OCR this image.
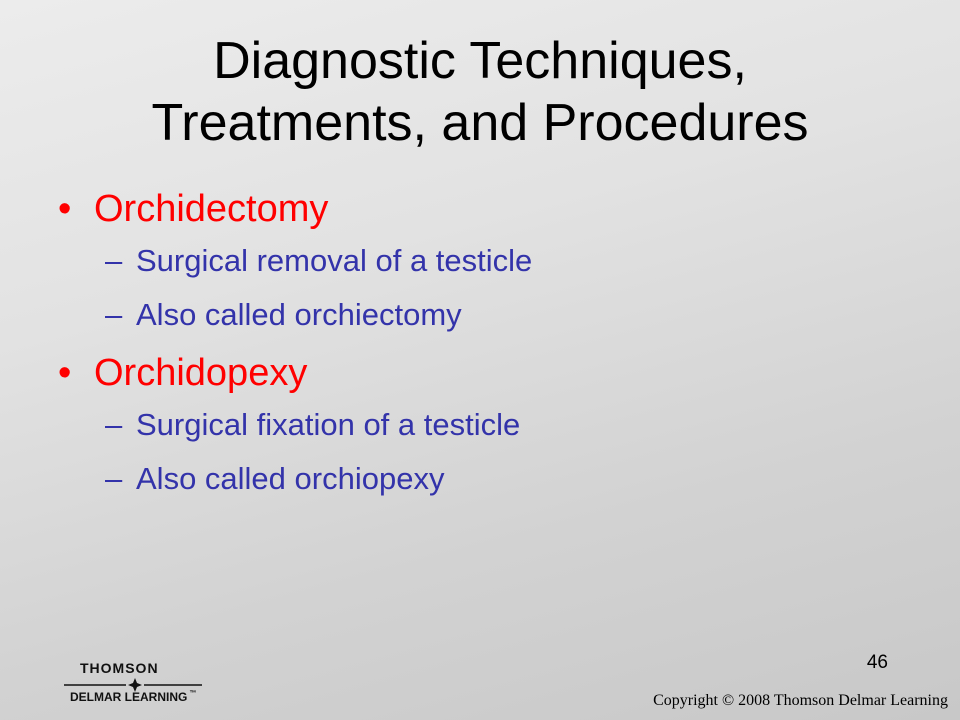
Diagnostic Techniques,
Treatments, and Procedures
• Orchidectomy
– Surgical removal of a testicle
– Also called orchiectomy
• Orchidopexy
– Surgical fixation of a testicle
– Also called orchiopexy
46
THOMSON
DELMAR LEARNING ™	Copyright © 2008 Thomson Delmar Learning
